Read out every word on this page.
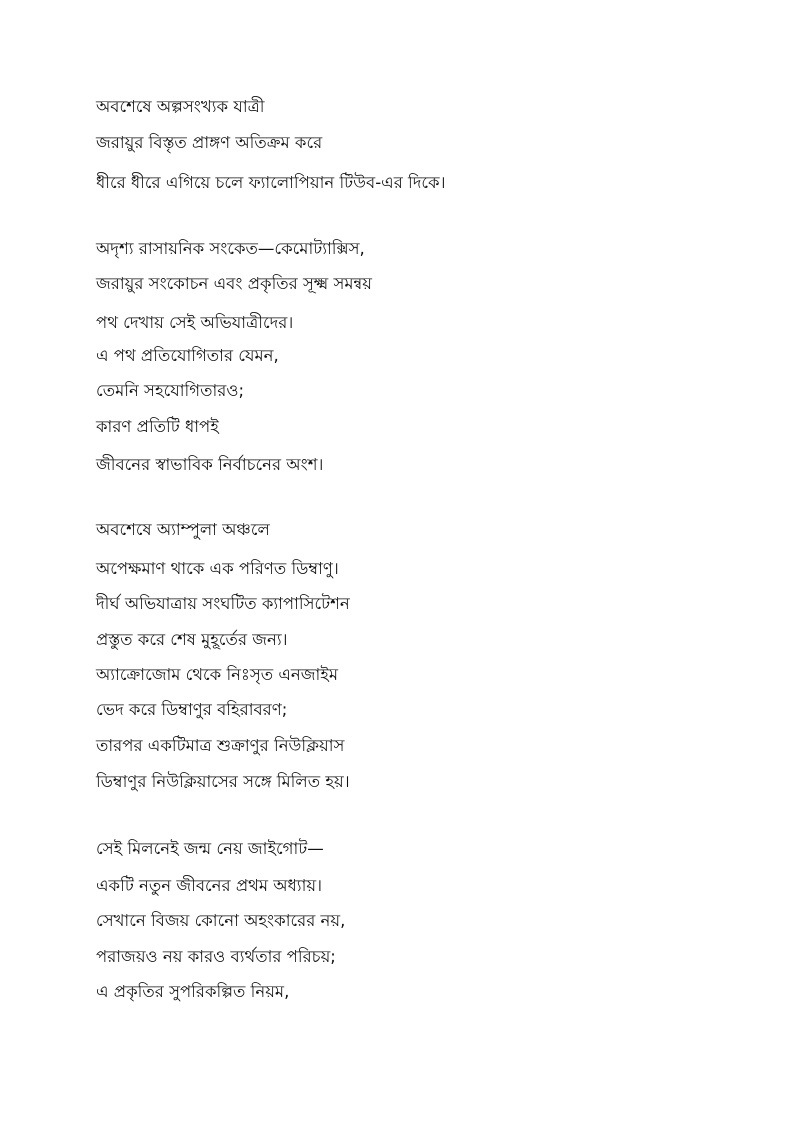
অবশেষে অল্পসংখ্যক যাত্রী
জরায়ুর বিস্তৃত প্রাঙ্গণ অতিক্রম করে
ধীরে ধীরে এগিয়ে চলে ফ্যালোপিয়ান টিউব-এর দিকে।
অদৃশ্য রাসায়নিক সংকেত—কেমোট্যাক্সিস,
জরায়ুর সংকোচন এবং প্রকৃতির সূক্ষ্ম সমন্বয়
পথ দেখায় সেই অভিযাত্রীদের।
এ পথ প্রতিযোগিতার যেমন,
তেমনি সহযোগিতারও;
কারণ প্রতিটি ধাপই
জীবনের স্বাভাবিক নির্বাচনের অংশ।
অবশেষে অ্যাম্পুলা অঞ্চলে
অপেক্ষমাণ থাকে এক পরিণত ডিম্বাণু।
দীর্ঘ অভিযাত্রায় সংঘটিত ক্যাপাসিটেশন
প্রস্তুত করে শেষ মুহূর্তের জন্য।
অ্যাক্রোজোম থেকে নিঃসৃত এনজাইম
ভেদ করে ডিম্বাণুর বহিরাবরণ;
তারপর একটিমাত্র শুক্রাণুর নিউক্লিয়াস
ডিম্বাণুর নিউক্লিয়াসের সঙ্গে মিলিত হয়।
সেই মিলনেই জন্ম নেয় জাইগোট—
একটি নতুন জীবনের প্রথম অধ্যায়।
সেখানে বিজয় কোনো অহংকারের নয়,
পরাজয়ও নয় কারও ব্যর্থতার পরিচয়;
এ প্রকৃতির সুপরিকল্পিত নিয়ম,
